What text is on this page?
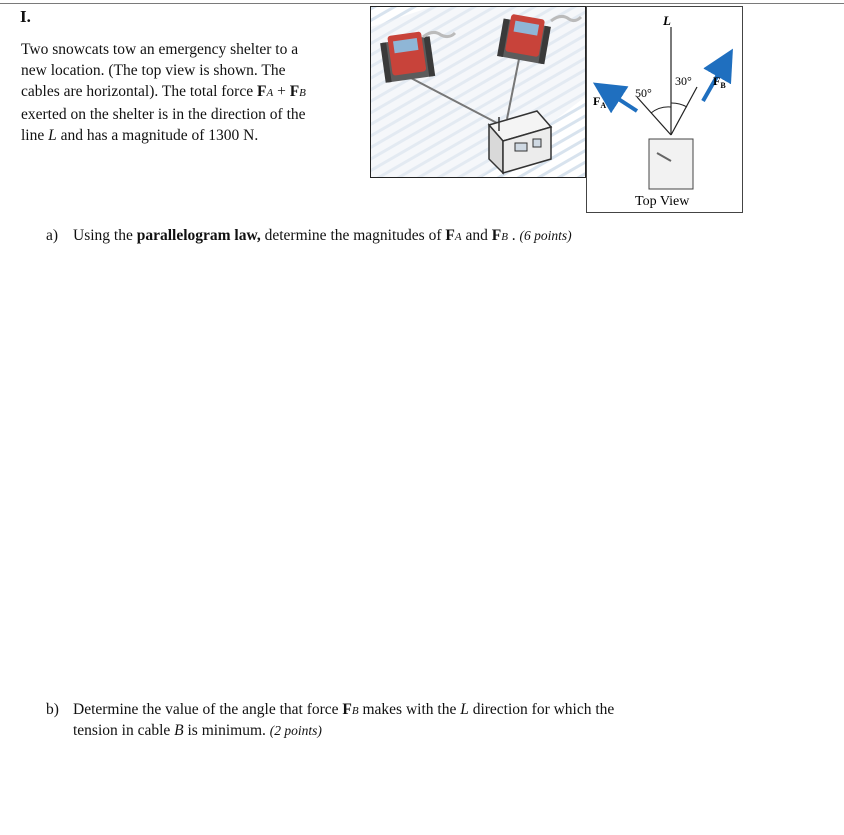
I.

Two snowcats tow an emergency shelter to a
new location. (The top view is shown. The
cables are horizontal). The total force FA + FB
exerted on the shelter is in the direction of the
line L and has a magnitude of 1300 N.

L
50°
30°
$F_A$
$F_B$
Top View

a) Using the parallelogram law, determine the magnitudes of FA and FB . (6 points)

b) Determine the value of the angle that force FB makes with the L direction for which the
tension in cable B is minimum. (2 points)
